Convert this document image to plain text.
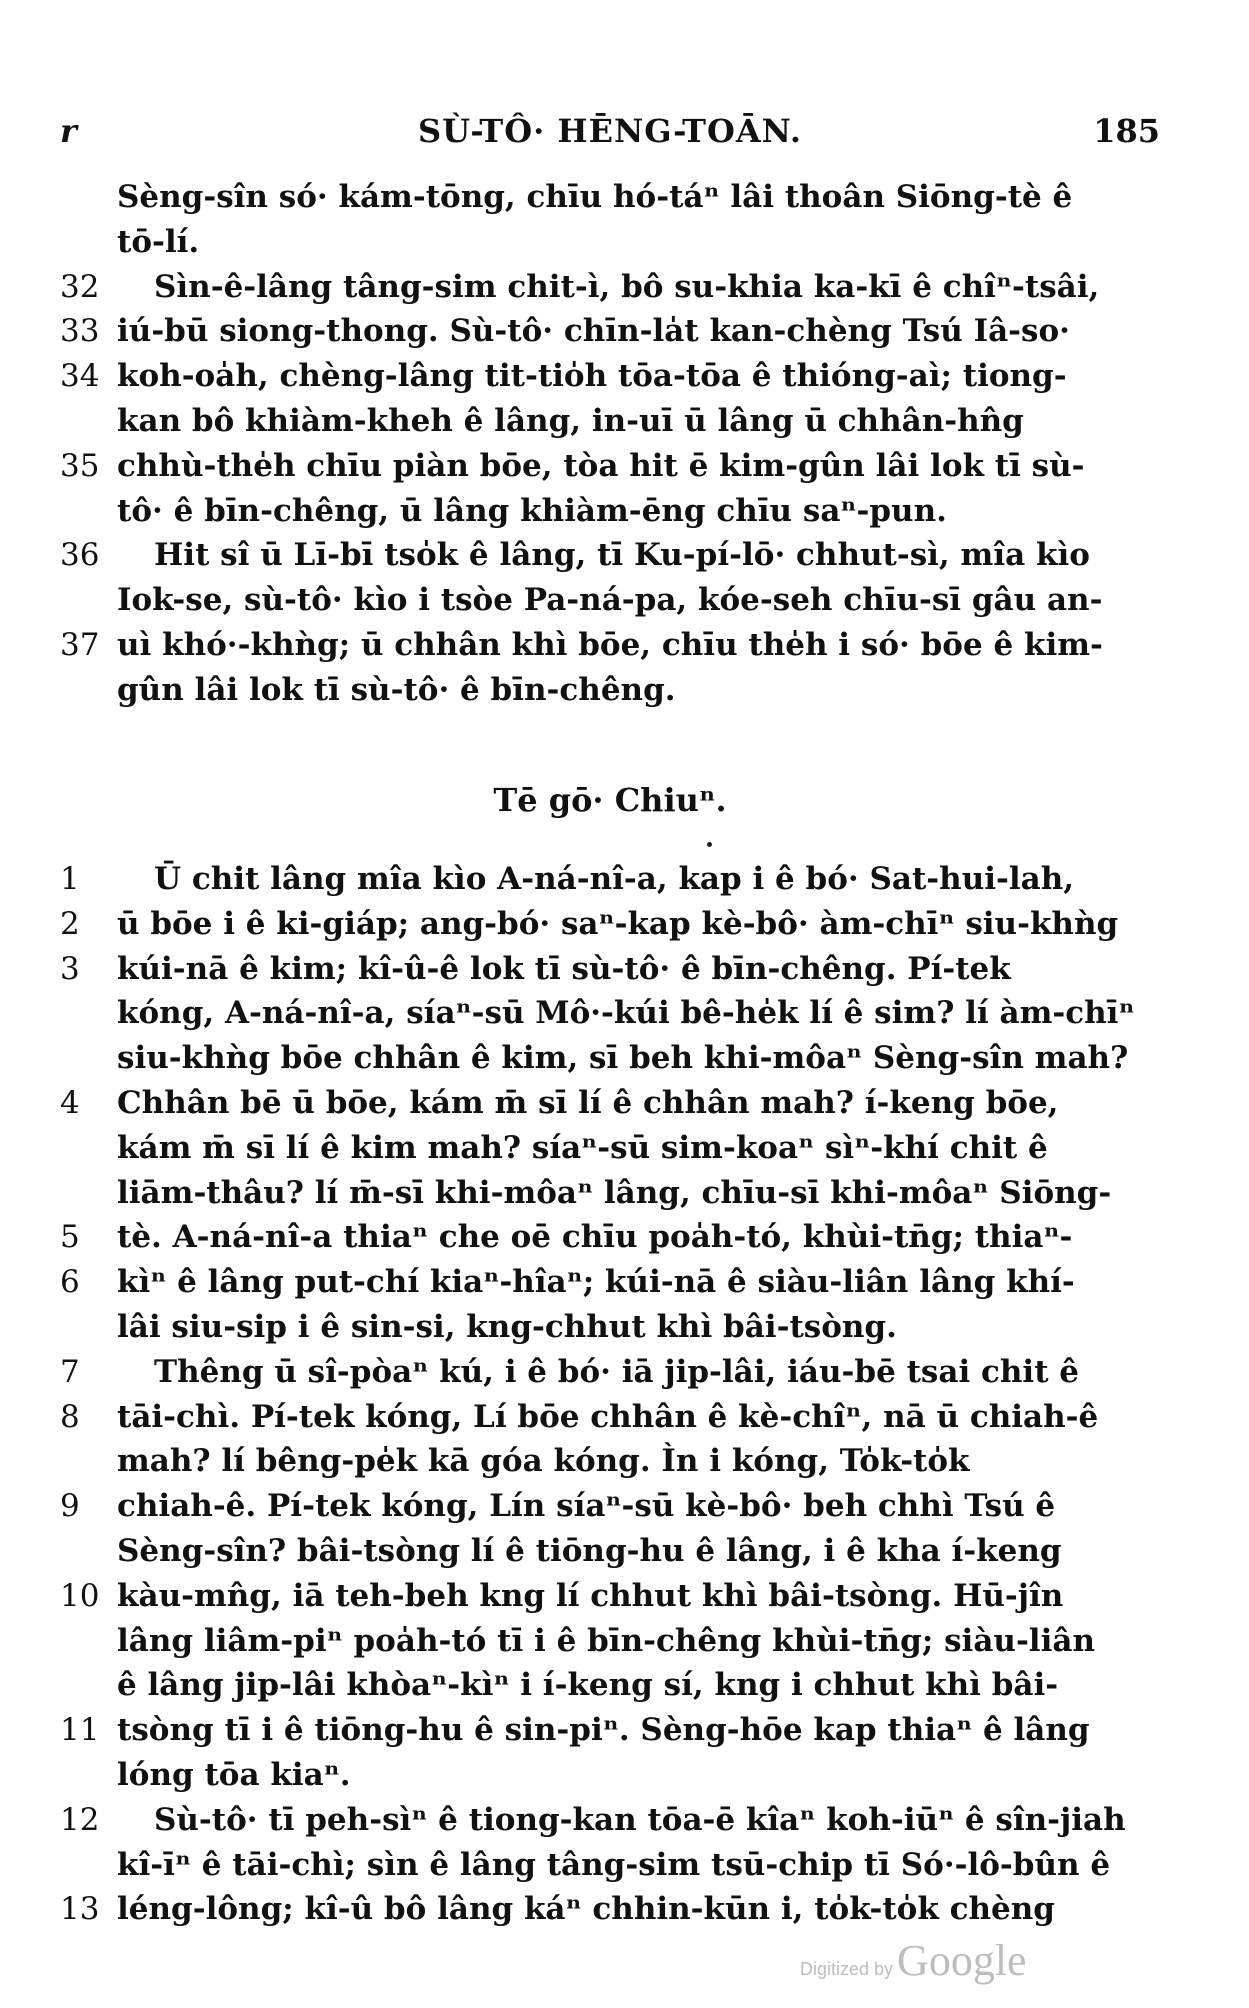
r	SÙ-TÔ· HĒNG-TOĀN.	185
Sèng-sîn só· kám-tōng, chīu hó-táⁿ lâi thoân Siōng-tè ê
tō-lí.
32	Sìn-ê-lâng tâng-sim chit-ì, bô su-khia ka-kī ê chîⁿ-tsâi,
33 iú-bū siong-thong. Sù-tô· chīn-la̍t kan-chèng Tsú Iâ-so·
34 koh-oa̍h, chèng-lâng tit-tio̍h tōa-tōa ê thióng-aì; tiong-
kan bô khiàm-kheh ê lâng, in-uī ū lâng ū chhân-hn̂g
35 chhù-the̍h chīu piàn bōe, tòa hit ē kim-gûn lâi lok tī sù-
tô· ê bīn-chêng, ū lâng khiàm-ēng chīu saⁿ-pun.
36	Hit sî ū Lī-bī tso̍k ê lâng, tī Ku-pí-lō· chhut-sì, mîa kìo
Iok-se, sù-tô· kìo i tsòe Pa-ná-pa, kóe-seh chīu-sī gâu an-
37 uì khó·-khǹg; ū chhân khì bōe, chīu the̍h i só· bōe ê kim-
gûn lâi lok tī sù-tô· ê bīn-chêng.
Tē gō· Chiuⁿ.
1	Ū chit lâng mîa kìo A-ná-nî-a, kap i ê bó· Sat-hui-lah,
2	ū bōe i ê ki-giáp; ang-bó· saⁿ-kap kè-bô· àm-chīⁿ siu-khǹg
3	kúi-nā ê kim; kî-û-ê lok tī sù-tô· ê bīn-chêng. Pí-tek
kóng, A-ná-nî-a, síaⁿ-sū Mô·-kúi bê-he̍k lí ê sim? lí àm-chīⁿ
siu-khǹg bōe chhân ê kim, sī beh khi-môaⁿ Sèng-sîn mah?
4	Chhân bē ū bōe, kám m̄ sī lí ê chhân mah? í-keng bōe,
kám m̄ sī lí ê kim mah? síaⁿ-sū sim-koaⁿ sìⁿ-khí chit ê
liām-thâu? lí m̄-sī khi-môaⁿ lâng, chīu-sī khi-môaⁿ Siōng-
5	tè. A-ná-nî-a thiaⁿ che oē chīu poa̍h-tó, khùi-tn̄g; thiaⁿ-
6	kìⁿ ê lâng put-chí kiaⁿ-hîaⁿ; kúi-nā ê siàu-liân lâng khí-
lâi siu-sip i ê sin-si, kng-chhut khì bâi-tsòng.
7	Thêng ū sî-pòaⁿ kú, i ê bó· iā jip-lâi, iáu-bē tsai chit ê
8	tāi-chì. Pí-tek kóng, Lí bōe chhân ê kè-chîⁿ, nā ū chiah-ê
mah? lí bêng-pe̍k kā góa kóng. Ìn i kóng, To̍k-to̍k
9	chiah-ê. Pí-tek kóng, Lín síaⁿ-sū kè-bô· beh chhì Tsú ê
Sèng-sîn? bâi-tsòng lí ê tiōng-hu ê lâng, i ê kha í-keng
10 kàu-mn̂g, iā teh-beh kng lí chhut khì bâi-tsòng. Hū-jîn
lâng liâm-piⁿ poa̍h-tó tī i ê bīn-chêng khùi-tn̄g; siàu-liân
ê lâng jip-lâi khòaⁿ-kìⁿ i í-keng sí, kng i chhut khì bâi-
11 tsòng tī i ê tiōng-hu ê sin-piⁿ. Sèng-hōe kap thiaⁿ ê lâng
lóng tōa kiaⁿ.
12	Sù-tô· tī peh-sìⁿ ê tiong-kan tōa-ē kîaⁿ koh-iūⁿ ê sîn-jiah
kî-īⁿ ê tāi-chì; sìn ê lâng tâng-sim tsū-chip tī Só·-lô-bûn ê
13 léng-lông; kî-û bô lâng káⁿ chhin-kūn i, to̍k-to̍k chèng
Digitized by Google
